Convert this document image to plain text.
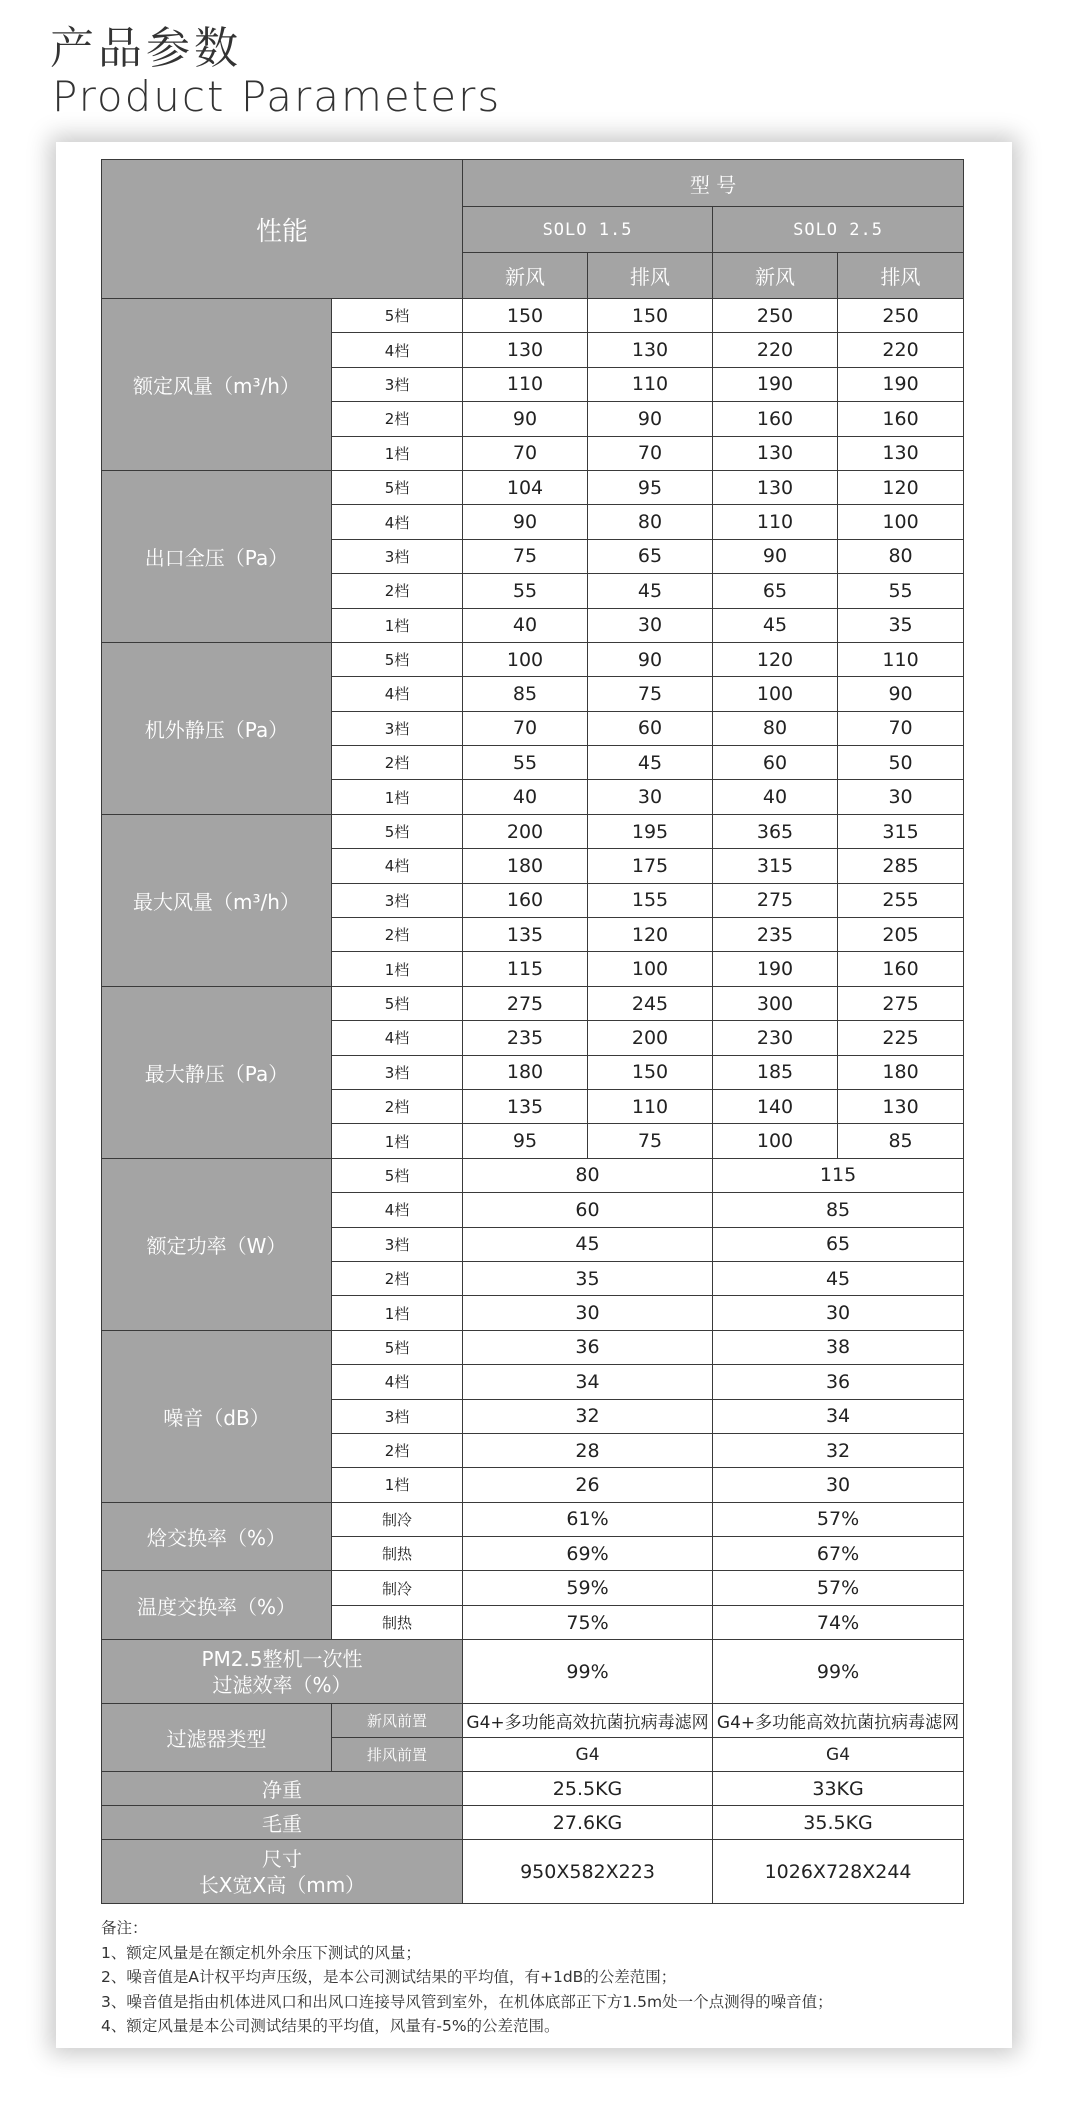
产品参数
Product Parameters
性能		型 号			
		SOLO 1.5		SOLO 2.5	
		新风	排风	新风	排风
额定风量（m³/h）	5档	150	150	250	250
	4档	130	130	220	220
	3档	110	110	190	190
	2档	90	90	160	160
	1档	70	70	130	130
出口全压（Pa）	5档	104	95	130	120
	4档	90	80	110	100
	3档	75	65	90	80
	2档	55	45	65	55
	1档	40	30	45	35
机外静压（Pa）	5档	100	90	120	110
	4档	85	75	100	90
	3档	70	60	80	70
	2档	55	45	60	50
	1档	40	30	40	30
最大风量（m³/h）	5档	200	195	365	315
	4档	180	175	315	285
	3档	160	155	275	255
	2档	135	120	235	205
	1档	115	100	190	160
最大静压（Pa）	5档	275	245	300	275
	4档	235	200	230	225
	3档	180	150	185	180
	2档	135	110	140	130
	1档	95	75	100	85
额定功率（W）	5档	80		115	
	4档	60		85	
	3档	45		65	
	2档	35		45	
	1档	30		30	
噪音（dB）	5档	36		38	
	4档	34		36	
	3档	32		34	
	2档	28		32	
	1档	26		30	
焓交换率（%）	制冷	61%		57%	
	制热	69%		67%	
温度交换率（%）	制冷	59%		57%	
	制热	75%		74%	

PM2.5整机一次性
过滤效率（%）		99%		99%	
过滤器类型	新风前置	G4+多功能高效抗菌抗病毒滤网		G4+多功能高效抗菌抗病毒滤网	
	排风前置	G4		G4	
净重		25.5KG		33KG	
毛重		27.6KG		35.5KG	

尺寸
长X宽X高（mm）		950X582X223		1026X728X244	
备注：
1、额定风量是在额定机外余压下测试的风量；
2、噪音值是A计权平均声压级，是本公司测试结果的平均值，有+1dB的公差范围；
3、噪音值是指由机体进风口和出风口连接导风管到室外，在机体底部正下方1.5m处一个点测得的噪音值；
4、额定风量是本公司测试结果的平均值，风量有-5%的公差范围。
